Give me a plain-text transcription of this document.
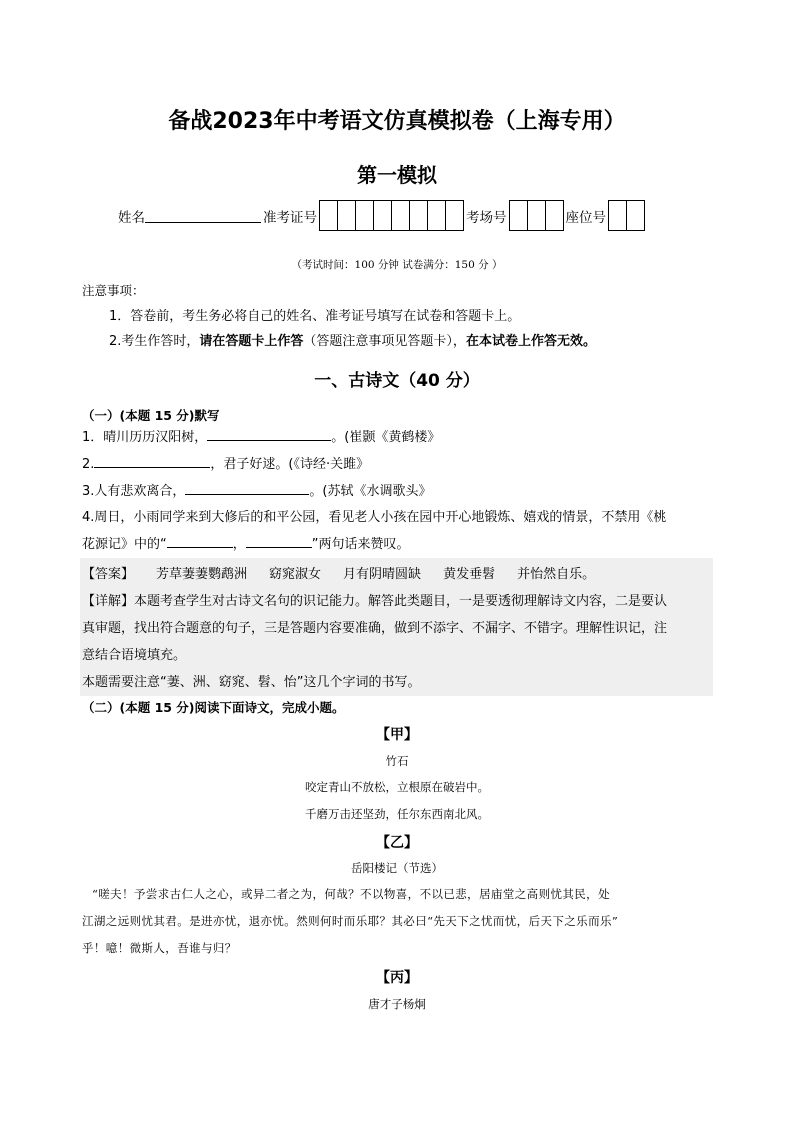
备战2023年中考语文仿真模拟卷（上海专用）
第一模拟
姓名	准考证号	考场号	座位号
（考试时间：100 分钟 试卷满分：150 分 ）
注意事项：
1．答卷前，考生务必将自己的姓名、准考证号填写在试卷和答题卡上。
2.考生作答时，请在答题卡上作答（答题注意事项见答题卡），在本试卷上作答无效。
一、古诗文（40 分）
（一）(本题 15 分)默写
1．晴川历历汉阳树，	。(崔颢《黄鹤楼》
2.	，君子好逑。(《诗经·关雎》
3.人有悲欢离合，	。(苏轼《水调歌头》
4.周日，小雨同学来到大修后的和平公园，看见老人小孩在园中开心地锻炼、嬉戏的情景，不禁用《桃
花源记》中的“	，	”两句话来赞叹。
【答案】 芳草萋萋鹦鹉洲 窈窕淑女 月有阴晴圆缺 黄发垂髫 并怡然自乐。
（二）(本题 15 分)阅读下面诗文，完成小题。
【甲】
竹石
咬定青山不放松，立根原在破岩中。
千磨万击还坚劲，任尔东西南北风。
【乙】
岳阳楼记（节选）
“嗟夫！予尝求古仁人之心，或异二者之为，何哉？不以物喜，不以已悲，居庙堂之高则忧其民，处
江湖之远则忧其君。是进亦忧，退亦忧。然则何时而乐耶？其必曰“先天下之忧而忧，后天下之乐而乐”
乎！噫！微斯人，吾谁与归？
【丙】
唐才子杨炯
【详解】本题考查学生对古诗文名句的识记能力。解答此类题目，一是要透彻理解诗文内容，二是要认
真审题，找出符合题意的句子，三是答题内容要准确，做到不添字、不漏字、不错字。理解性识记，注
意结合语境填充。
本题需要注意“萋、洲、窈窕、髫、怡”这几个字词的书写。
